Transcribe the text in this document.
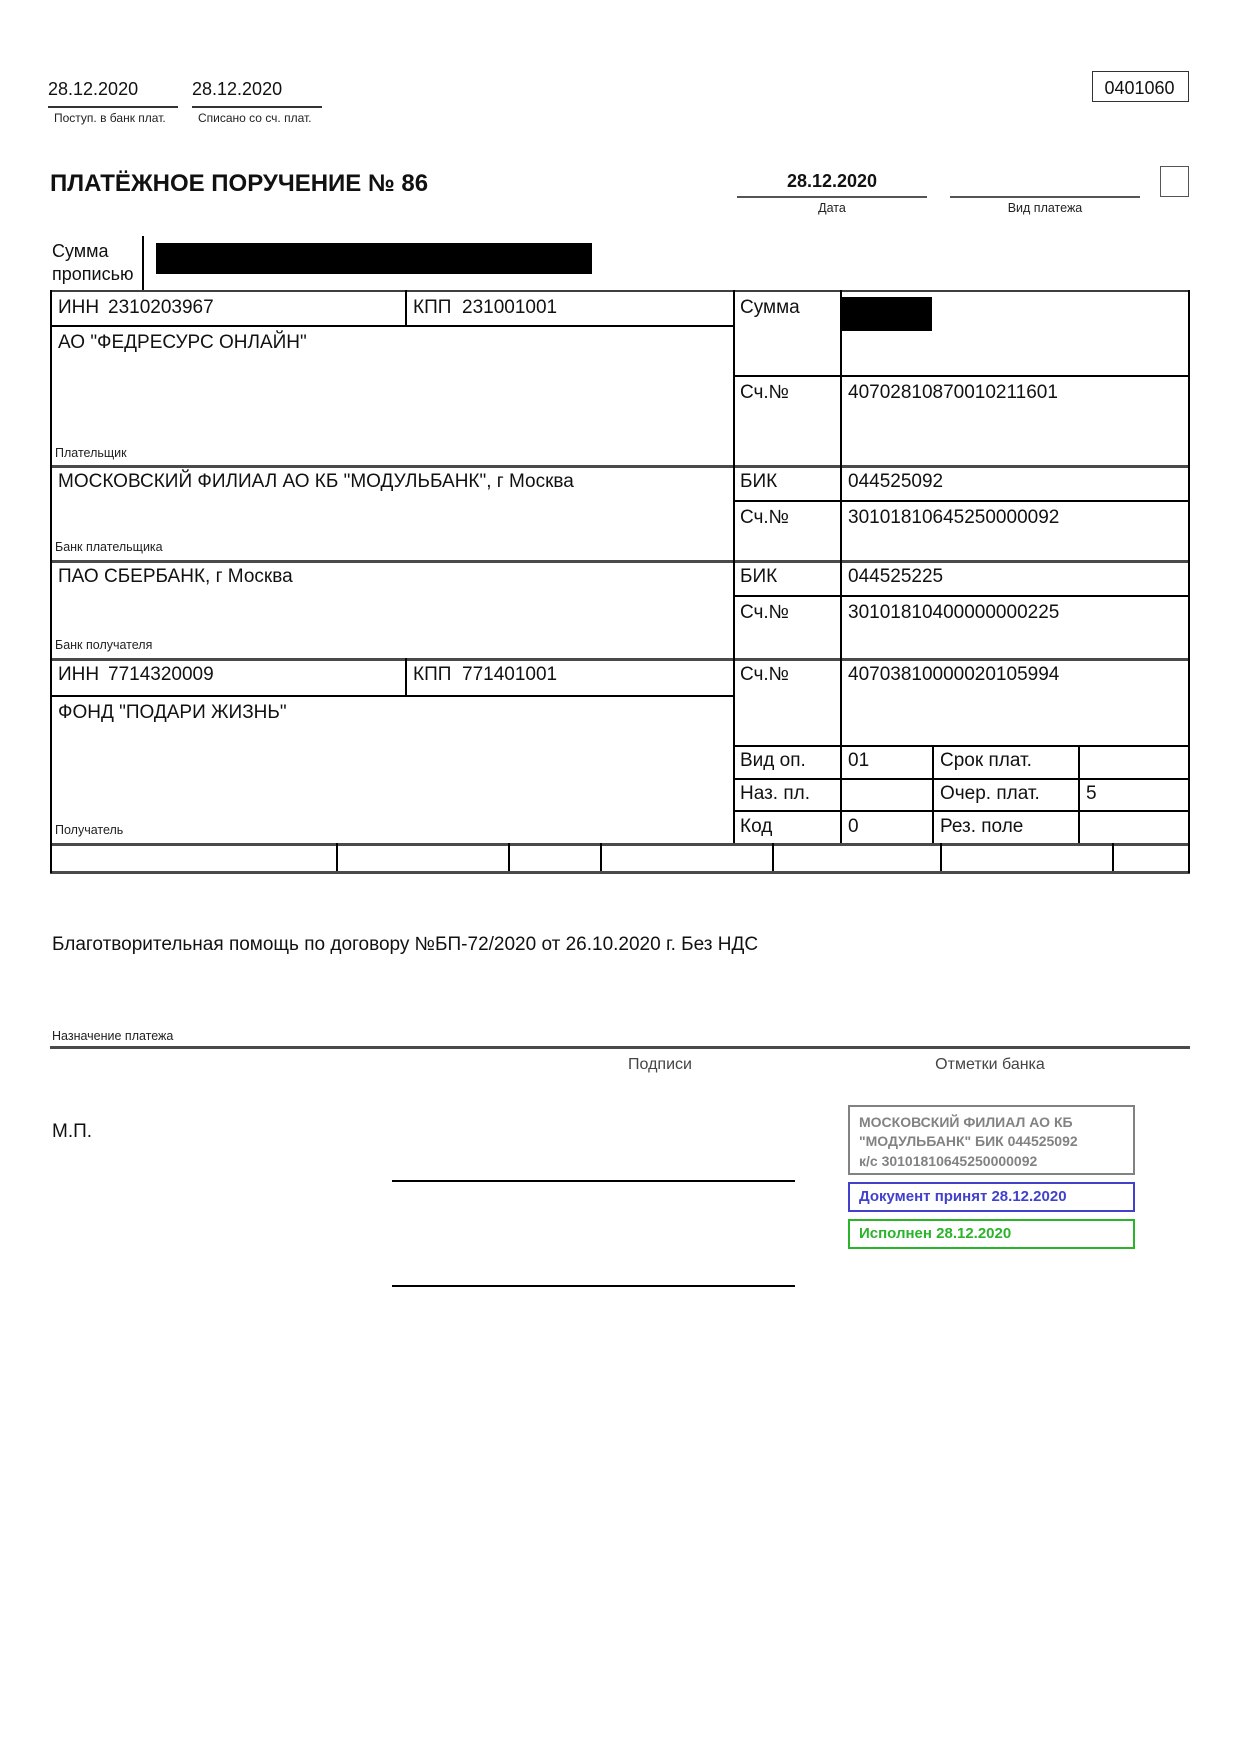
28.12.2020
Поступ. в банк плат.
28.12.2020
Списано со сч. плат.
0401060
ПЛАТЁЖНОЕ ПОРУЧЕНИЕ № 86	28.12.2020
Дата	Вид платежа
Сумма прописью
ИНН 2310203967	КПП 231001001	Сумма
АО "ФЕДРЕСУРС ОНЛАЙН"
Плательщик
Сч.№	40702810870010211601
МОСКОВСКИЙ ФИЛИАЛ АО КБ "МОДУЛЬБАНК", г Москва	БИК	044525092
Сч.№	30101810645250000092
Банк плательщика
ПАО СБЕРБАНК, г Москва	БИК	044525225
Сч.№	30101810400000000225
Банк получателя
ИНН 7714320009	КПП 771401001	Сч.№	40703810000020105994
ФОНД "ПОДАРИ ЖИЗНЬ"
Получатель
Вид оп. 01	Срок плат.
Наз. пл.	Очер. плат. 5
Код	0	Рез. поле
Благотворительная помощь по договору №БП-72/2020 от 26.10.2020 г. Без НДС
Назначение платежа
Подписи	Отметки банка
М.П.	МОСКОВСКИЙ ФИЛИАЛ АО КБ
"МОДУЛЬБАНК" БИК 044525092
к/с 30101810645250000092
Документ принят 28.12.2020
Исполнен 28.12.2020
